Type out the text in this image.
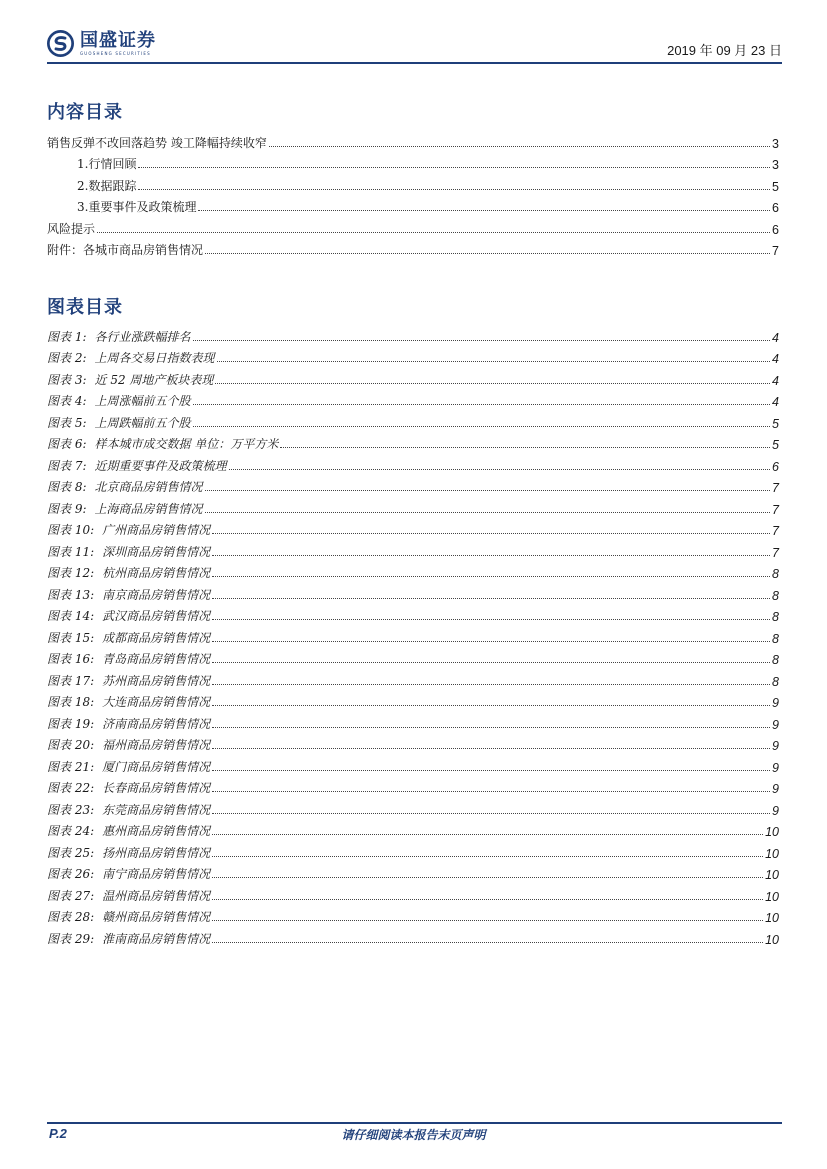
国盛证券
GUOSHENG SECURITIES	2019 年 09 月 23 日
内容目录
销售反弹不改回落趋势 竣工降幅持续收窄	3
1.行情回顾	3
2.数据跟踪	5
3.重要事件及政策梳理	6
风险提示	6
附件：各城市商品房销售情况	7
图表目录
图表 1: 各行业涨跌幅排名	4
图表 2: 上周各交易日指数表现	4
图表 3: 近 52 周地产板块表现	4
图表 4: 上周涨幅前五个股	4
图表 5: 上周跌幅前五个股	5
图表 6: 样本城市成交数据 单位：万平方米	5
图表 7: 近期重要事件及政策梳理	6
图表 8: 北京商品房销售情况	7
图表 9: 上海商品房销售情况	7
图表 10: 广州商品房销售情况	7
图表 11: 深圳商品房销售情况	7
图表 12: 杭州商品房销售情况	8
图表 13: 南京商品房销售情况	8
图表 14: 武汉商品房销售情况	8
图表 15: 成都商品房销售情况	8
图表 16: 青岛商品房销售情况	8
图表 17: 苏州商品房销售情况	8
图表 18: 大连商品房销售情况	9
图表 19: 济南商品房销售情况	9
图表 20: 福州商品房销售情况	9
图表 21: 厦门商品房销售情况	9
图表 22: 长春商品房销售情况	9
图表 23: 东莞商品房销售情况	9
图表 24: 惠州商品房销售情况	10
图表 25: 扬州商品房销售情况	10
图表 26: 南宁商品房销售情况	10
图表 27: 温州商品房销售情况	10
图表 28: 赣州商品房销售情况	10
图表 29: 淮南商品房销售情况	10
P.2	请仔细阅读本报告末页声明
